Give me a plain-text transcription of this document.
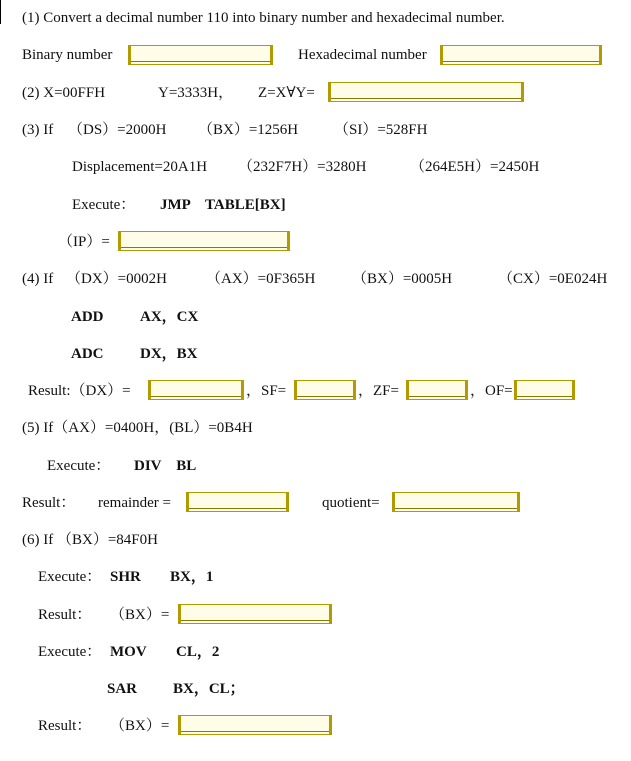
(1) Convert a decimal number 110 into binary number and hexadecimal number.
Binary number	Hexadecimal number
(2) X=00FFH	Y=3333H， Z=X∀Y=
(3) If （DS）=2000H （BX）=1256H （SI）=528FH
Displacement=20A1H （232F7H）=3280H	（264E5H）=2450H
Execute： JMP　TABLE[BX]
（IP）=
(4) If （DX）=0002H	（AX）=0F365H （BX）=0005H	（CX）=0E024H
ADD AX，CX
ADC DX，BX
Result:（DX）=	，SF=	，ZF=	，OF=
(5) If（AX）=0400H，(BL）=0B4H
Execute： DIV　BL
Result： remainder =	quotient=
(6) If （BX）=84F0H
Execute： SHR BX，1
Result： （BX）=
Execute： MOV CL，2
SAR BX，CL；
Result： （BX）=
